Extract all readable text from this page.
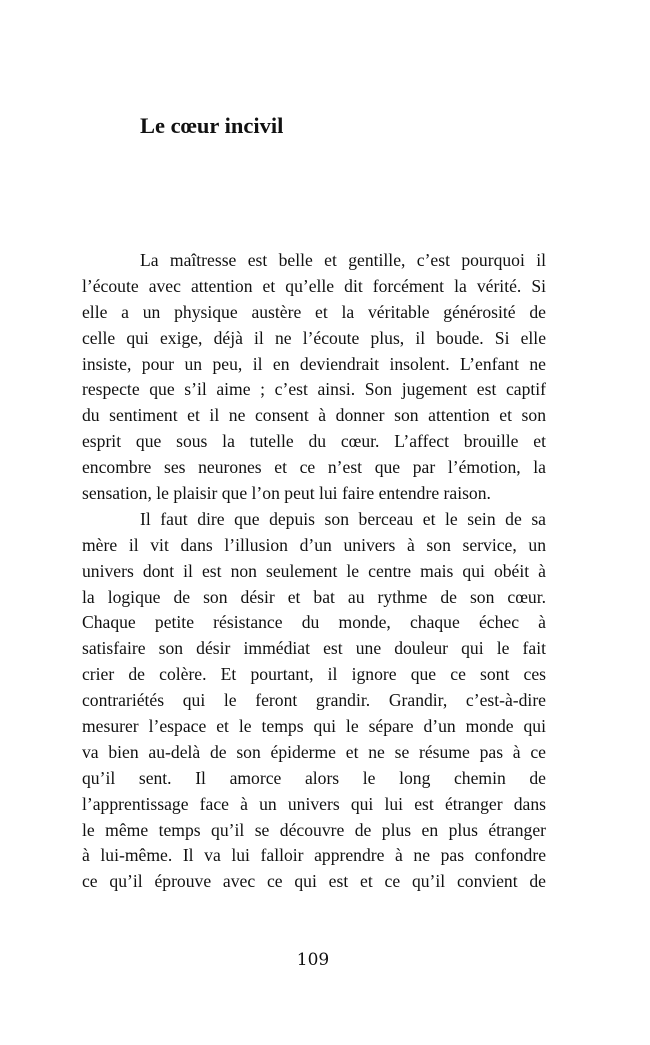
Le cœur incivil
La maîtresse est belle et gentille, c’est pourquoi il
l’écoute avec attention et qu’elle dit forcément la vérité. Si
elle a un physique austère et la véritable générosité de
celle qui exige, déjà il ne l’écoute plus, il boude. Si elle
insiste, pour un peu, il en deviendrait insolent. L’enfant ne
respecte que s’il aime ; c’est ainsi. Son jugement est captif
du sentiment et il ne consent à donner son attention et son
esprit que sous la tutelle du cœur. L’affect brouille et
encombre ses neurones et ce n’est que par l’émotion, la
sensation, le plaisir que l’on peut lui faire entendre raison.
Il faut dire que depuis son berceau et le sein de sa
mère il vit dans l’illusion d’un univers à son service, un
univers dont il est non seulement le centre mais qui obéit à
la logique de son désir et bat au rythme de son cœur.
Chaque petite résistance du monde, chaque échec à
satisfaire son désir immédiat est une douleur qui le fait
crier de colère. Et pourtant, il ignore que ce sont ces
contrariétés qui le feront grandir. Grandir, c’est-à-dire
mesurer l’espace et le temps qui le sépare d’un monde qui
va bien au-delà de son épiderme et ne se résume pas à ce
qu’il sent. Il amorce alors le long chemin de
l’apprentissage face à un univers qui lui est étranger dans
le même temps qu’il se découvre de plus en plus étranger
à lui-même. Il va lui falloir apprendre à ne pas confondre
ce qu’il éprouve avec ce qui est et ce qu’il convient de
109
